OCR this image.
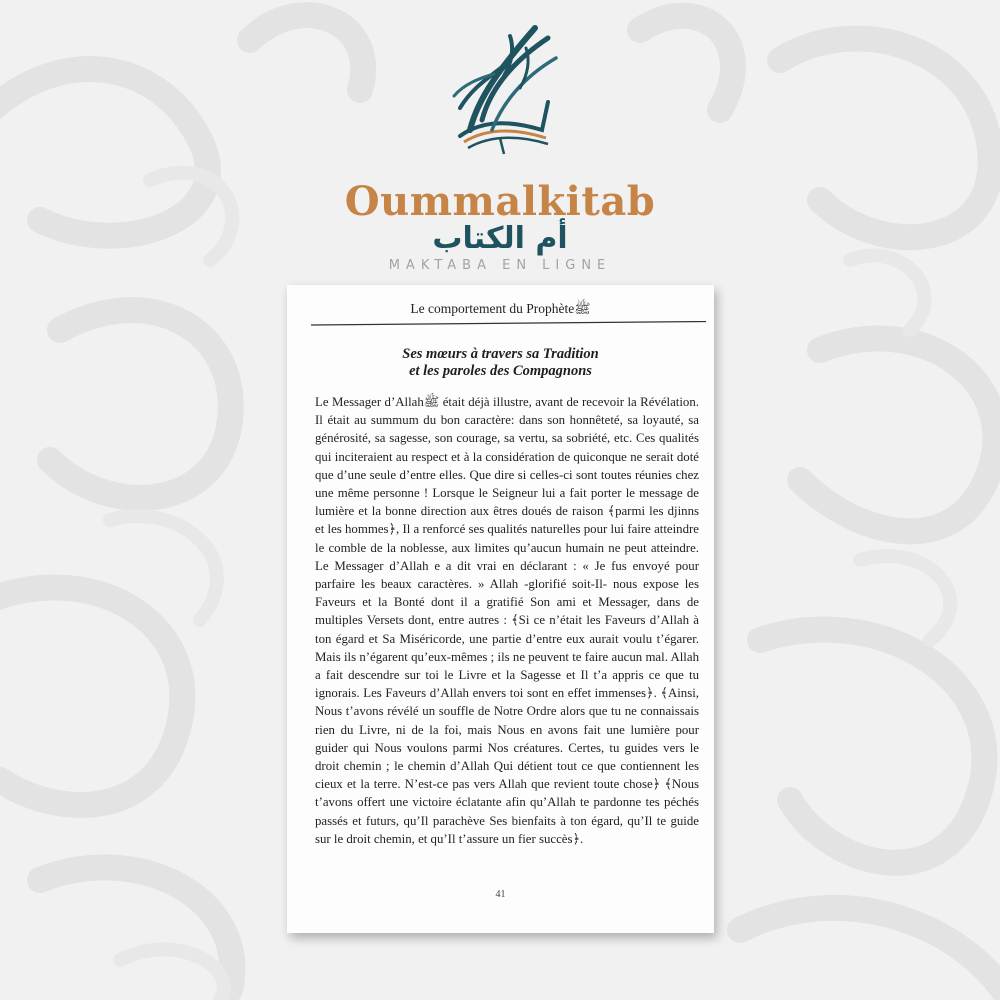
Oummalkitab
أم الكتاب
MAKTABA EN LIGNE
Le comportement du Prophèteﷺ
Ses mœurs à travers sa Tradition
et les paroles des Compagnons
Le Messager d’Allahﷺ était déjà illustre, avant de recevoir la Révélation. Il était au summum du bon caractère: dans son honnêteté, sa loyauté, sa générosité, sa sagesse, son courage, sa vertu, sa sobriété, etc. Ces qualités qui inciteraient au respect et à la considération de quiconque ne serait doté que d’une seule d’entre elles. Que dire si celles-ci sont toutes réunies chez une même personne ! Lorsque le Seigneur lui a fait porter le message de lumière et la bonne direction aux êtres doués de raison ﴾parmi les djinns et les hommes﴿, Il a renforcé ses qualités naturelles pour lui faire atteindre le comble de la noblesse, aux limites qu’aucun humain ne peut atteindre. Le Messager d’Allah e a dit vrai en déclarant : « Je fus envoyé pour parfaire les beaux caractères. » Allah -glorifié soit-Il- nous expose les Faveurs et la Bonté dont il a gratifié Son ami et Messager, dans de multiples Versets dont, entre autres : ﴾Si ce n’était les Faveurs d’Allah à ton égard et Sa Miséricorde, une partie d’entre eux aurait voulu t’égarer. Mais ils n’égarent qu’eux-mêmes ; ils ne peuvent te faire aucun mal. Allah a fait descendre sur toi le Livre et la Sagesse et Il t’a appris ce que tu ignorais. Les Faveurs d’Allah envers toi sont en effet immenses﴿. ﴾Ainsi, Nous t’avons révélé un souffle de Notre Ordre alors que tu ne connaissais rien du Livre, ni de la foi, mais Nous en avons fait une lumière pour guider qui Nous voulons parmi Nos créatures. Certes, tu guides vers le droit chemin ; le chemin d’Allah Qui détient tout ce que contiennent les cieux et la terre. N’est-ce pas vers Allah que revient toute chose﴿ ﴾Nous t’avons offert une victoire éclatante afin qu’Allah te pardonne tes péchés passés et futurs, qu’Il parachève Ses bienfaits à ton égard, qu’Il te guide sur le droit chemin, et qu’Il t’assure un fier succès﴿.
41
